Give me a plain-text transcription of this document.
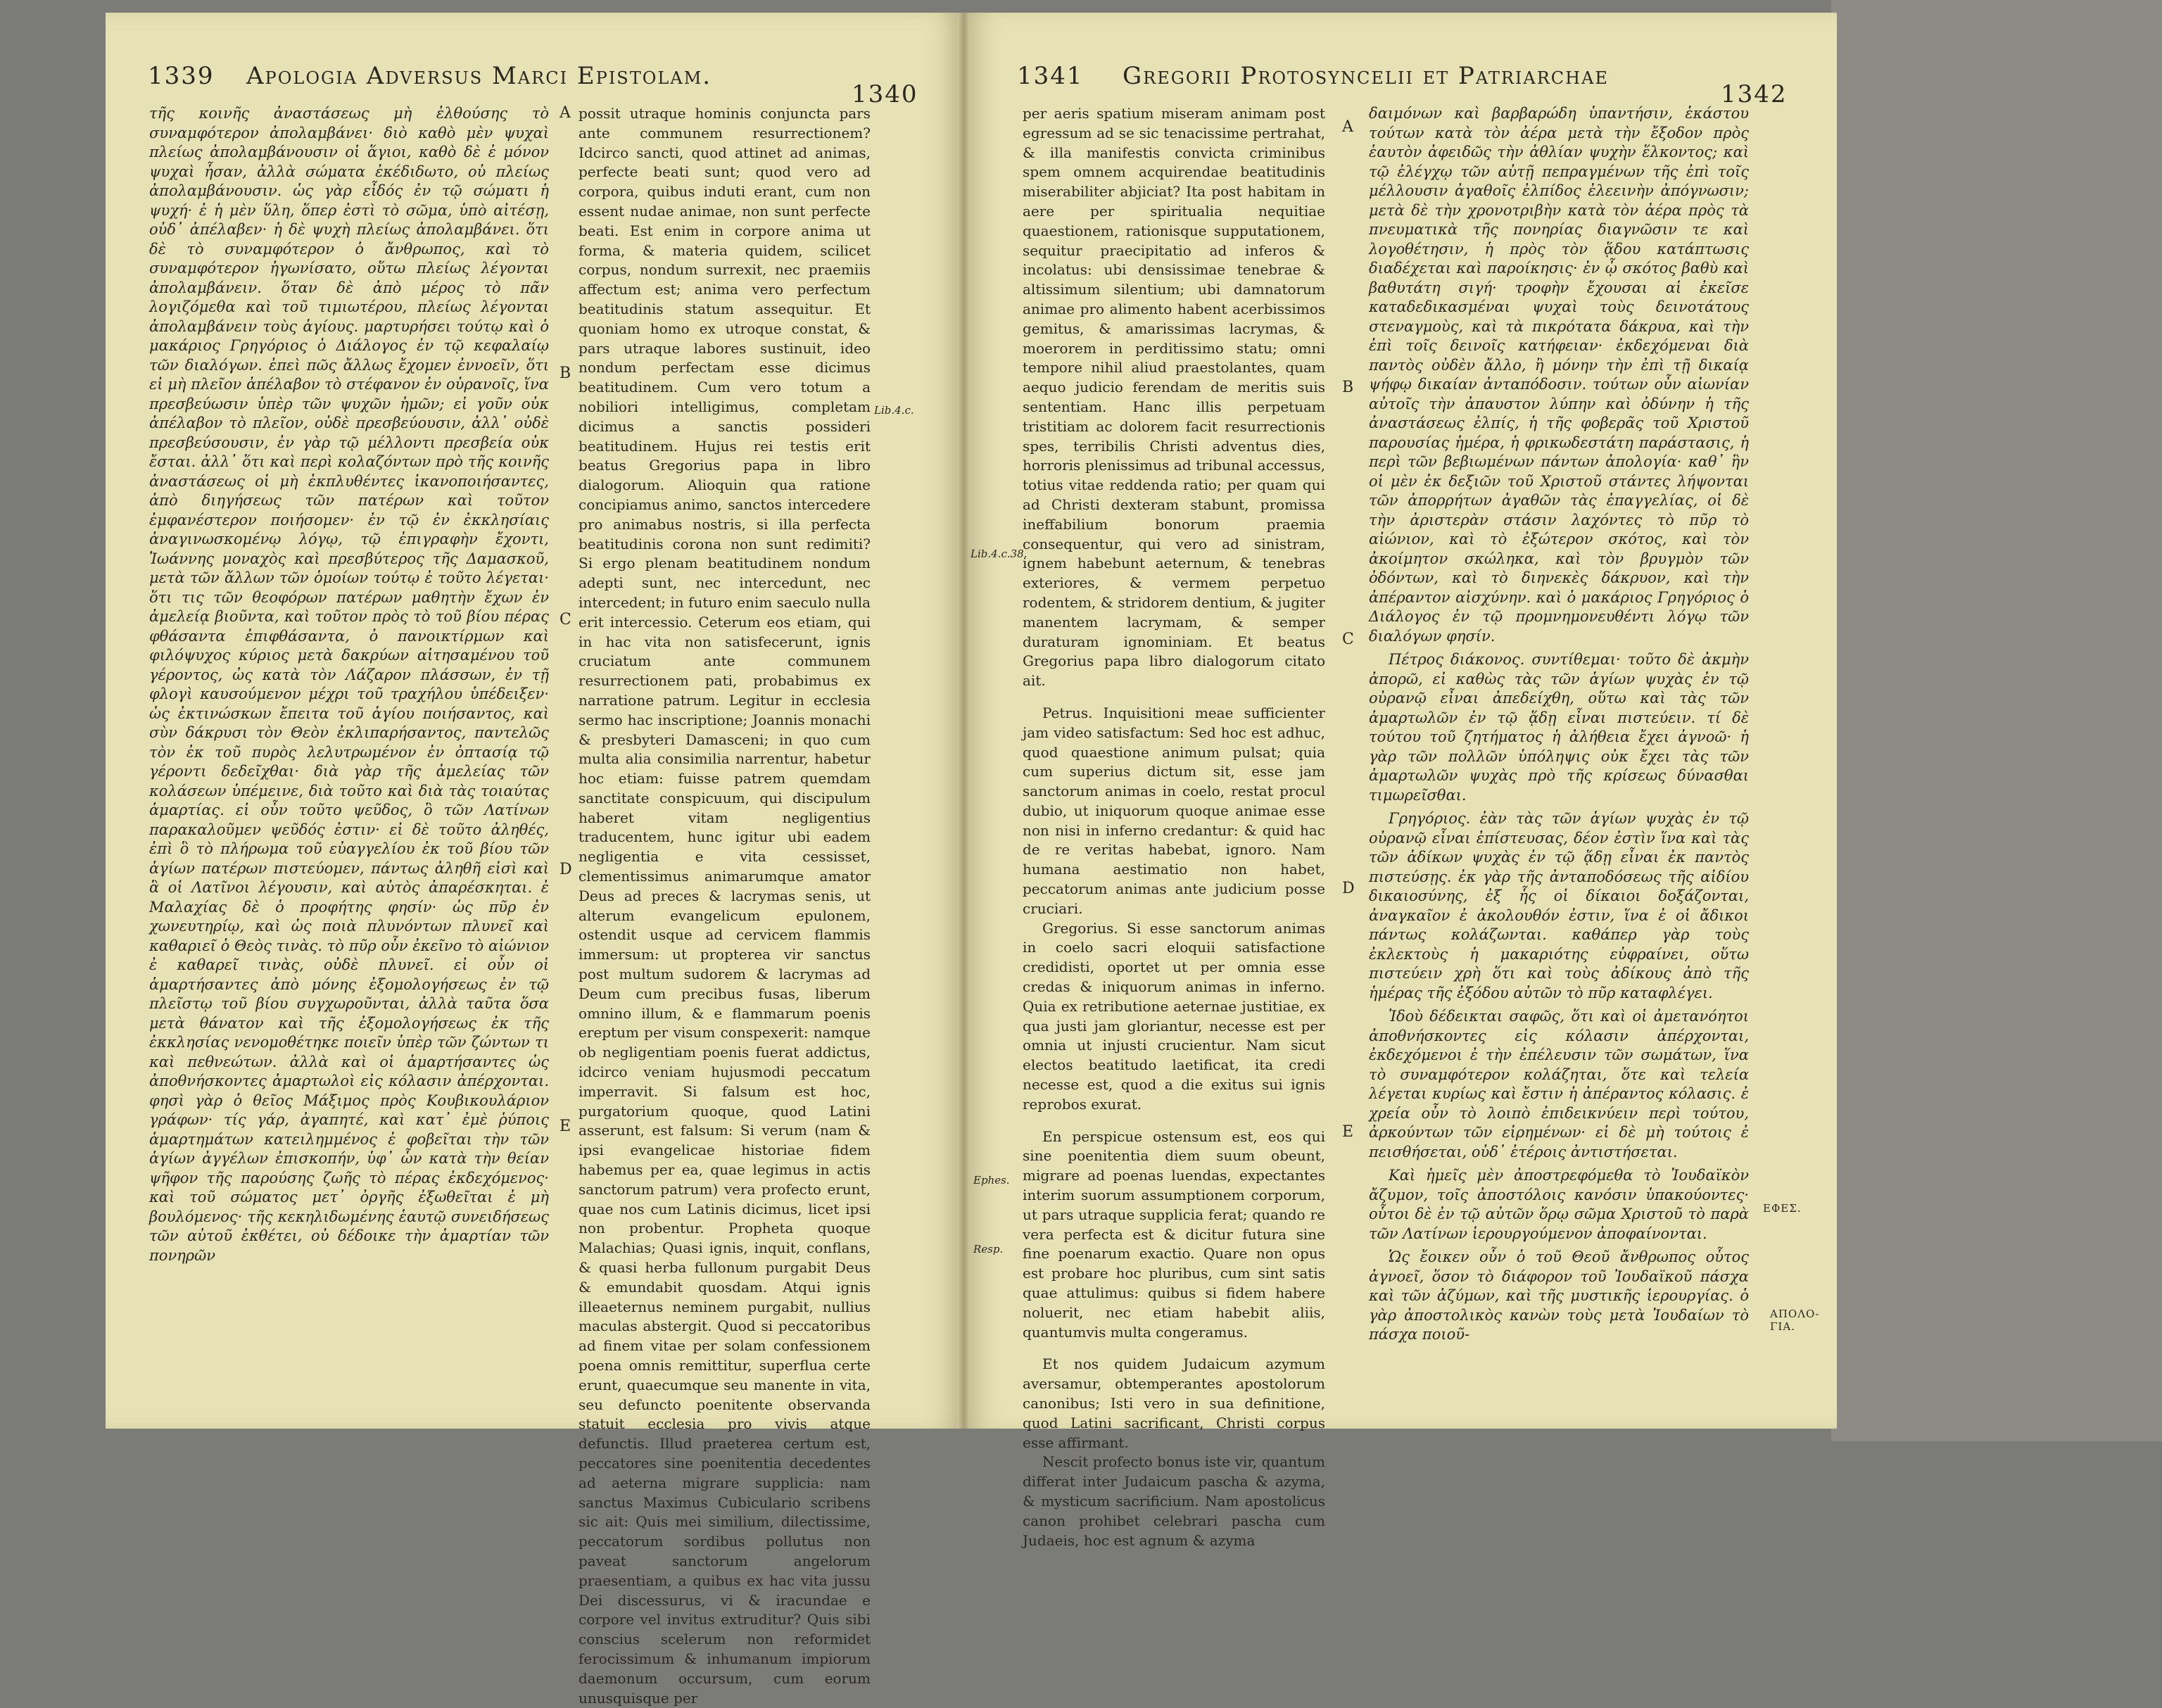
1339 Apologia Adversus Marci Epistolam.
1340

τῆς κοινῆς ἀναστάσεως μὴ ἐλθούσης τὸ συναμφότερον ἀπολαμβάνει· διὸ καθὸ μὲν ψυχαὶ πλείως ἀπολαμβάνουσιν οἱ ἅγιοι, καθὸ δὲ ἐ μόνον ψυχαὶ ἦσαν, ἀλλὰ σώματα ἐκέδιδωτο, οὐ πλείως ἀπολαμβάνουσιν. ὡς γὰρ εἶδός ἐν τῷ σώματι ἡ ψυχή· ἐ ἡ μὲν ὕλη, ὅπερ ἐστὶ τὸ σῶμα, ὑπὸ αἰτέσῃ, οὐδ᾽ ἀπέλαβεν· ἡ δὲ ψυχὴ πλείως ἀπολαμβάνει. ὅτι δὲ τὸ συναμφότερον ὁ ἄνθρωπος, καὶ τὸ συναμφότερον ἡγωνίσατο, οὕτω πλείως λέγονται ἀπολαμβάνειν. ὅταν δὲ ἀπὸ μέρος τὸ πᾶν λογιζόμεθα καὶ τοῦ τιμιωτέρου, πλείως λέγονται ἀπολαμβάνειν τοὺς ἁγίους. μαρτυρήσει τούτῳ καὶ ὁ μακάριος Γρηγόριος ὁ Διάλογος ἐν τῷ κεφαλαίῳ τῶν διαλόγων. ἐπεὶ πῶς ἄλλως ἔχομεν ἐννοεῖν, ὅτι εἰ μὴ πλεῖον ἀπέλαβον τὸ στέφανον ἐν οὐρανοῖς, ἵνα πρεσβεύωσιν ὑπὲρ τῶν ψυχῶν ἡμῶν; εἰ γοῦν οὐκ ἀπέλαβον τὸ πλεῖον, οὐδὲ πρεσβεύουσιν, ἀλλ᾽ οὐδὲ πρεσβεύσουσιν, ἐν γὰρ τῷ μέλλοντι πρεσβεία οὐκ ἔσται. ἀλλ᾽ ὅτι καὶ περὶ κολαζόντων πρὸ τῆς κοινῆς ἀναστάσεως οἱ μὴ ἐκπλυθέντες ἱκανοποιήσαντες, ἀπὸ διηγήσεως τῶν πατέρων καὶ τοῦτον ἐμφανέστερον ποιήσομεν· ἐν τῷ ἐν ἐκκλησίαις ἀναγινωσκομένῳ λόγῳ, τῷ ἐπιγραφὴν ἔχοντι, Ἰωάννης μοναχὸς καὶ πρεσβύτερος τῆς Δαμασκοῦ, μετὰ τῶν ἄλλων τῶν ὁμοίων τούτῳ ἐ τοῦτο λέγεται· ὅτι τις τῶν θεοφόρων πατέρων μαθητὴν ἔχων ἐν ἀμελείᾳ βιοῦντα, καὶ τοῦτον πρὸς τὸ τοῦ βίου πέρας φθάσαντα ἐπιφθάσαντα, ὁ πανοικτίρμων καὶ φιλόψυχος κύριος μετὰ δακρύων αἰτησαμένου τοῦ γέροντος, ὡς κατὰ τὸν Λάζαρον πλάσσων, ἐν τῇ φλογὶ καυσούμενον μέχρι τοῦ τραχήλου ὑπέδειξεν· ὡς ἐκτινώσκων ἔπειτα τοῦ ἁγίου ποιήσαντος, καὶ σὺν δάκρυσι τὸν Θεὸν ἐκλιπαρήσαντος, παντελῶς τὸν ἐκ τοῦ πυρὸς λελυτρωμένον ἐν ὀπτασίᾳ τῷ γέροντι δεδεῖχθαι· διὰ γὰρ τῆς ἀμελείας τῶν κολάσεων ὑπέμεινε, διὰ τοῦτο καὶ διὰ τὰς τοιαύτας ἁμαρτίας. εἰ οὖν τοῦτο ψεῦδος, ὃ τῶν Λατίνων παρακαλοῦμεν ψεῦδός ἐστιν· εἰ δὲ τοῦτο ἀληθές, ἐπὶ ὃ τὸ πλήρωμα τοῦ εὐαγγελίου ἐκ τοῦ βίου τῶν ἁγίων πατέρων πιστεύομεν, πάντως ἀληθῆ εἰσὶ καὶ ἃ οἱ Λατῖνοι λέγουσιν, καὶ αὐτὸς ἀπαρέσκηται. ἐ Μαλαχίας δὲ ὁ προφήτης φησίν· ὡς πῦρ ἐν χωνευτηρίῳ, καὶ ὡς ποιὰ πλυνόντων πλυνεῖ καὶ καθαριεῖ ὁ Θεὸς τινὰς. τὸ πῦρ οὖν ἐκεῖνο τὸ αἰώνιον ἐ καθαρεῖ τινὰς, οὐδὲ πλυνεῖ. εἰ οὖν οἱ ἁμαρτήσαντες ἀπὸ μόνης ἐξομολογήσεως ἐν τῷ πλεῖστῳ τοῦ βίου συγχωροῦνται, ἀλλὰ ταῦτα ὅσα μετὰ θάνατον καὶ τῆς ἐξομολογήσεως ἐκ τῆς ἐκκλησίας νενομοθέτηκε ποιεῖν ὑπὲρ τῶν ζώντων τι καὶ πεθνεώτων. ἀλλὰ καὶ οἱ ἁμαρτήσαντες ὡς ἀποθνήσκοντες ἁμαρτωλοὶ εἰς κόλασιν ἀπέρχονται. φησὶ γὰρ ὁ θεῖος Μάξιμος πρὸς Κουβικουλάριον γράφων· τίς γάρ, ἀγαπητέ, καὶ κατ᾽ ἐμὲ ῥύποις ἁμαρτημάτων κατειλημμένος ἐ φοβεῖται τὴν τῶν ἁγίων ἀγγέλων ἐπισκοπήν, ὑφ᾽ ὧν κατὰ τὴν θείαν ψῆφον τῆς παρούσης ζωῆς τὸ πέρας ἐκδεχόμενος· καὶ τοῦ σώματος μετ᾽ ὀργῆς ἐξωθεῖται ἐ μὴ βουλόμενος· τῆς κεκηλιδωμένης ἑαυτῷ συνειδήσεως τῶν αὐτοῦ ἐκθέτει, οὐ δέδοικε τὴν ἁμαρτίαν τῶν πονηρῶν

possit utraque hominis conjuncta pars ante communem resurrectionem? Idcirco sancti, quod attinet ad animas, perfecte beati sunt; quod vero ad corpora, quibus induti erant, cum non essent nudae animae, non sunt perfecte beati. Est enim in corpore anima ut forma, & materia quidem, scilicet corpus, nondum surrexit, nec praemiis affectum est; anima vero perfectum beatitudinis statum assequitur. Et quoniam homo ex utroque constat, & pars utraque labores sustinuit, ideo nondum perfectam esse dicimus beatitudinem. Cum vero totum a nobiliori intelligimus, completam dicimus a sanctis possideri beatitudinem. Hujus rei testis erit beatus Gregorius papa in libro dialogorum. Alioquin qua ratione concipiamus animo, sanctos intercedere pro animabus nostris, si illa perfecta beatitudinis corona non sunt redimiti? Si ergo plenam beatitudinem nondum adepti sunt, nec intercedunt, nec intercedent; in futuro enim saeculo nulla erit intercessio. Ceterum eos etiam, qui in hac vita non satisfecerunt, ignis cruciatum ante communem resurrectionem pati, probabimus ex narratione patrum. Legitur in ecclesia sermo hac inscriptione; Joannis monachi & presbyteri Damasceni; in quo cum multa alia consimilia narrentur, habetur hoc etiam: fuisse patrem quemdam sanctitate conspicuum, qui discipulum haberet vitam negligentius traducentem, hunc igitur ubi eadem negligentia e vita cessisset, clementissimus animarumque amator Deus ad preces & lacrymas senis, ut alterum evangelicum epulonem, ostendit usque ad cervicem flammis immersum: ut propterea vir sanctus post multum sudorem & lacrymas ad Deum cum precibus fusas, liberum omnino illum, & e flammarum poenis ereptum per visum conspexerit: namque ob negligentiam poenis fuerat addictus, idcirco veniam hujusmodi peccatum imperravit. Si falsum est hoc, purgatorium quoque, quod Latini asserunt, est falsum: Si verum (nam & ipsi evangelicae historiae fidem habemus per ea, quae legimus in actis sanctorum patrum) vera profecto erunt, quae nos cum Latinis dicimus, licet ipsi non probentur. Propheta quoque Malachias; Quasi ignis, inquit, conflans, & quasi herba fullonum purgabit Deus & emundabit quosdam. Atqui ignis illeaeternus neminem purgabit, nullius maculas abstergit. Quod si peccatoribus ad finem vitae per solam confessionem poena omnis remittitur, superflua certe erunt, quaecumque seu manente in vita, seu defuncto poenitente observanda statuit ecclesia pro vivis atque defunctis. Illud praeterea certum est, peccatores sine poenitentia decedentes ad aeterna migrare supplicia: nam sanctus Maximus Cubiculario scribens sic ait: Quis mei similium, dilectissime, peccatorum sordibus pollutus non paveat sanctorum angelorum praesentiam, a quibus ex hac vita jussu Dei discessurus, vi & iracundae e corpore vel invitus extruditur? Quis sibi conscius scelerum non reformidet ferocissimum & inhumanum impiorum daemonum occursum, cum eorum unusquisque per

A
B
C
D
E
Lib.4.c.
1341 Gregorii Protosyncelii et Patriarchae
1342

per aeris spatium miseram animam post egressum ad se sic tenacissime pertrahat, & illa manifestis convicta criminibus spem omnem acquirendae beatitudinis miserabiliter abjiciat? Ita post habitam in aere per spiritualia nequitiae quaestionem, rationisque supputationem, sequitur praecipitatio ad inferos & incolatus: ubi densissimae tenebrae & altissimum silentium; ubi damnatorum animae pro alimento habent acerbissimos gemitus, & amarissimas lacrymas, & moerorem in perditissimo statu; omni tempore nihil aliud praestolantes, quam aequo judicio ferendam de meritis suis sententiam. Hanc illis perpetuam tristitiam ac dolorem facit resurrectionis spes, terribilis Christi adventus dies, horroris plenissimus ad tribunal accessus, totius vitae reddenda ratio; per quam qui ad Christi dexteram stabunt, promissa ineffabilium bonorum praemia consequentur, qui vero ad sinistram, ignem habebunt aeternum, & tenebras exteriores, & vermem perpetuo rodentem, & stridorem dentium, & jugiter manentem lacrymam, & semper duraturam ignominiam. Et beatus Gregorius papa libro dialogorum citato ait.

Petrus. Inquisitioni meae sufficienter jam video satisfactum: Sed hoc est adhuc, quod quaestione animum pulsat; quia cum superius dictum sit, esse jam sanctorum animas in coelo, restat procul dubio, ut iniquorum quoque animae esse non nisi in inferno credantur: & quid hac de re veritas habebat, ignoro. Nam humana aestimatio non habet, peccatorum animas ante judicium posse cruciari.

Gregorius. Si esse sanctorum animas in coelo sacri eloquii satisfactione credidisti, oportet ut per omnia esse credas & iniquorum animas in inferno. Quia ex retributione aeternae justitiae, ex qua justi jam gloriantur, necesse est per omnia ut injusti crucientur. Nam sicut electos beatitudo laetificat, ita credi necesse est, quod a die exitus sui ignis reprobos exurat.

En perspicue ostensum est, eos qui sine poenitentia diem suum obeunt, migrare ad poenas luendas, expectantes interim suorum assumptionem corporum, ut pars utraque supplicia ferat; quando re vera perfecta est & dicitur futura sine fine poenarum exactio. Quare non opus est probare hoc pluribus, cum sint satis quae attulimus: quibus si fidem habere noluerit, nec etiam habebit aliis, quantumvis multa congeramus.

Et nos quidem Judaicum azymum aversamur, obtemperantes apostolorum canonibus; Isti vero in sua definitione, quod Latini sacrificant, Christi corpus esse affirmant.

Nescit profecto bonus iste vir, quantum differat inter Judaicum pascha & azyma, & mysticum sacrificium. Nam apostolicus canon prohibet celebrari pascha cum Judaeis, hoc est agnum & azyma

δαιμόνων καὶ βαρβαρώδη ὑπαντήσιν, ἑκάστου τούτων κατὰ τὸν ἀέρα μετὰ τὴν ἔξοδον πρὸς ἑαυτὸν ἀφειδῶς τὴν ἀθλίαν ψυχὴν ἕλκοντος; καὶ τῷ ἐλέγχῳ τῶν αὐτῇ πεπραγμένων τῆς ἐπὶ τοῖς μέλλουσιν ἀγαθοῖς ἐλπίδος ἐλεεινὴν ἀπόγνωσιν; μετὰ δὲ τὴν χρονοτριβὴν κατὰ τὸν ἀέρα πρὸς τὰ πνευματικὰ τῆς πονηρίας διαγνῶσιν τε καὶ λογοθέτησιν, ἡ πρὸς τὸν ᾅδου κατάπτωσις διαδέχεται καὶ παροίκησις· ἐν ᾧ σκότος βαθὺ καὶ βαθυτάτη σιγή· τροφὴν ἔχουσαι αἱ ἐκεῖσε καταδεδικασμέναι ψυχαὶ τοὺς δεινοτάτους στεναγμοὺς, καὶ τὰ πικρότατα δάκρυα, καὶ τὴν ἐπὶ τοῖς δεινοῖς κατήφειαν· ἐκδεχόμεναι διὰ παντὸς οὐδὲν ἄλλο, ἢ μόνην τὴν ἐπὶ τῇ δικαίᾳ ψήφῳ δικαίαν ἀνταπόδοσιν. τούτων οὖν αἰωνίαν αὐτοῖς τὴν ἀπαυστον λύπην καὶ ὀδύνην ἡ τῆς ἀναστάσεως ἐλπίς, ἡ τῆς φοβερᾶς τοῦ Χριστοῦ παρουσίας ἡμέρα, ἡ φρικωδεστάτη παράστασις, ἡ περὶ τῶν βεβιωμένων πάντων ἀπολογία· καθ᾽ ἣν οἱ μὲν ἐκ δεξιῶν τοῦ Χριστοῦ στάντες λήψονται τῶν ἀπορρήτων ἀγαθῶν τὰς ἐπαγγελίας, οἱ δὲ τὴν ἀριστερὰν στάσιν λαχόντες τὸ πῦρ τὸ αἰώνιον, καὶ τὸ ἐξώτερον σκότος, καὶ τὸν ἀκοίμητον σκώληκα, καὶ τὸν βρυγμὸν τῶν ὀδόντων, καὶ τὸ διηνεκὲς δάκρυον, καὶ τὴν ἀπέραντον αἰσχύνην. καὶ ὁ μακάριος Γρηγόριος ὁ Διάλογος ἐν τῷ προμνημονευθέντι λόγῳ τῶν διαλόγων φησίν.

Πέτρος διάκονος. συντίθεμαι· τοῦτο δὲ ἀκμὴν ἀπορῶ, εἰ καθὼς τὰς τῶν ἁγίων ψυχὰς ἐν τῷ οὐρανῷ εἶναι ἀπεδείχθη, οὕτω καὶ τὰς τῶν ἁμαρτωλῶν ἐν τῷ ᾅδῃ εἶναι πιστεύειν. τί δὲ τούτου τοῦ ζητήματος ἡ ἀλήθεια ἔχει ἀγνοῶ· ἡ γὰρ τῶν πολλῶν ὑπόληψις οὐκ ἔχει τὰς τῶν ἁμαρτωλῶν ψυχὰς πρὸ τῆς κρίσεως δύνασθαι τιμωρεῖσθαι.

Γρηγόριος. ἐὰν τὰς τῶν ἁγίων ψυχὰς ἐν τῷ οὐρανῷ εἶναι ἐπίστευσας, δέον ἐστὶν ἵνα καὶ τὰς τῶν ἀδίκων ψυχὰς ἐν τῷ ᾅδῃ εἶναι ἐκ παντὸς πιστεύσῃς. ἐκ γὰρ τῆς ἀνταποδόσεως τῆς αἰδίου δικαιοσύνης, ἐξ ἧς οἱ δίκαιοι δοξάζονται, ἀναγκαῖον ἐ ἀκολουθόν ἐστιν, ἵνα ἐ οἱ ἄδικοι πάντως κολάζωνται. καθάπερ γὰρ τοὺς ἐκλεκτοὺς ἡ μακαριότης εὐφραίνει, οὕτω πιστεύειν χρὴ ὅτι καὶ τοὺς ἀδίκους ἀπὸ τῆς ἡμέρας τῆς ἐξόδου αὐτῶν τὸ πῦρ καταφλέγει.

Ἰδοὺ δέδεικται σαφῶς, ὅτι καὶ οἱ ἀμετανόητοι ἀποθνήσκοντες εἰς κόλασιν ἀπέρχονται, ἐκδεχόμενοι ἐ τὴν ἐπέλευσιν τῶν σωμάτων, ἵνα τὸ συναμφότερον κολάζηται, ὅτε καὶ τελεία λέγεται κυρίως καὶ ἔστιν ἡ ἀπέραντος κόλασις. ἐ χρεία οὖν τὸ λοιπὸ ἐπιδεικνύειν περὶ τούτου, ἀρκούντων τῶν εἰρημένων· εἰ δὲ μὴ τούτοις ἐ πεισθήσεται, οὐδ᾽ ἑτέροις ἀντιστήσεται.

Καὶ ἡμεῖς μὲν ἀποστρεφόμεθα τὸ Ἰουδαϊκὸν ἄζυμον, τοῖς ἀποστόλοις κανόσιν ὑπακούοντες· οὗτοι δὲ ἐν τῷ αὐτῶν ὅρῳ σῶμα Χριστοῦ τὸ παρὰ τῶν Λατίνων ἱερουργούμενον ἀποφαίνονται.

Ὡς ἔοικεν οὖν ὁ τοῦ Θεοῦ ἄνθρωπος οὗτος ἀγνοεῖ, ὅσον τὸ διάφορον τοῦ Ἰουδαϊκοῦ πάσχα καὶ τῶν ἀζύμων, καὶ τῆς μυστικῆς ἱερουργίας. ὁ γὰρ ἀποστολικὸς κανὼν τοὺς μετὰ Ἰουδαίων τὸ πάσχα ποιοῦ-

A
B
C
D
E
Lib.4.c.38.
Ephes.
Resp.
ΕΦΕΣ.
ΑΠΟΛΟ-
ΓΙΑ.
